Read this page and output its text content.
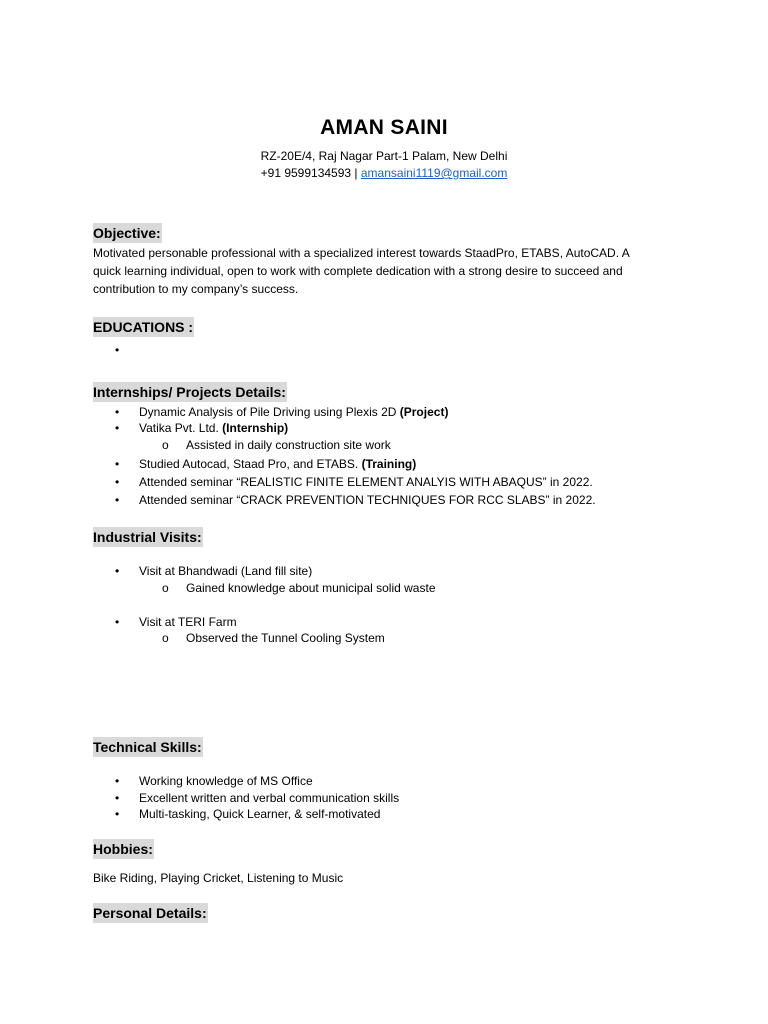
AMAN SAINI
RZ-20E/4, Raj Nagar Part-1 Palam, New Delhi
+91 9599134593 | amansaini1119@gmail.com
Objective:
Motivated personable professional with a specialized interest towards StaadPro, ETABS, AutoCAD. A
quick learning individual, open to work with complete dedication with a strong desire to succeed and
contribution to my company’s success.
EDUCATIONS :
•
Internships/ Projects Details:
• Dynamic Analysis of Pile Driving using Plexis 2D (Project)
• Vatika Pvt. Ltd. (Internship)
o Assisted in daily construction site work
• Studied Autocad, Staad Pro, and ETABS. (Training)
• Attended seminar “REALISTIC FINITE ELEMENT ANALYIS WITH ABAQUS” in 2022.
• Attended seminar “CRACK PREVENTION TECHNIQUES FOR RCC SLABS” in 2022.
Industrial Visits:
• Visit at Bhandwadi (Land fill site)
o Gained knowledge about municipal solid waste
• Visit at TERI Farm
o Observed the Tunnel Cooling System
Technical Skills:
• Working knowledge of MS Office
• Excellent written and verbal communication skills
• Multi-tasking, Quick Learner, & self-motivated
Hobbies:
Bike Riding, Playing Cricket, Listening to Music
Personal Details:
